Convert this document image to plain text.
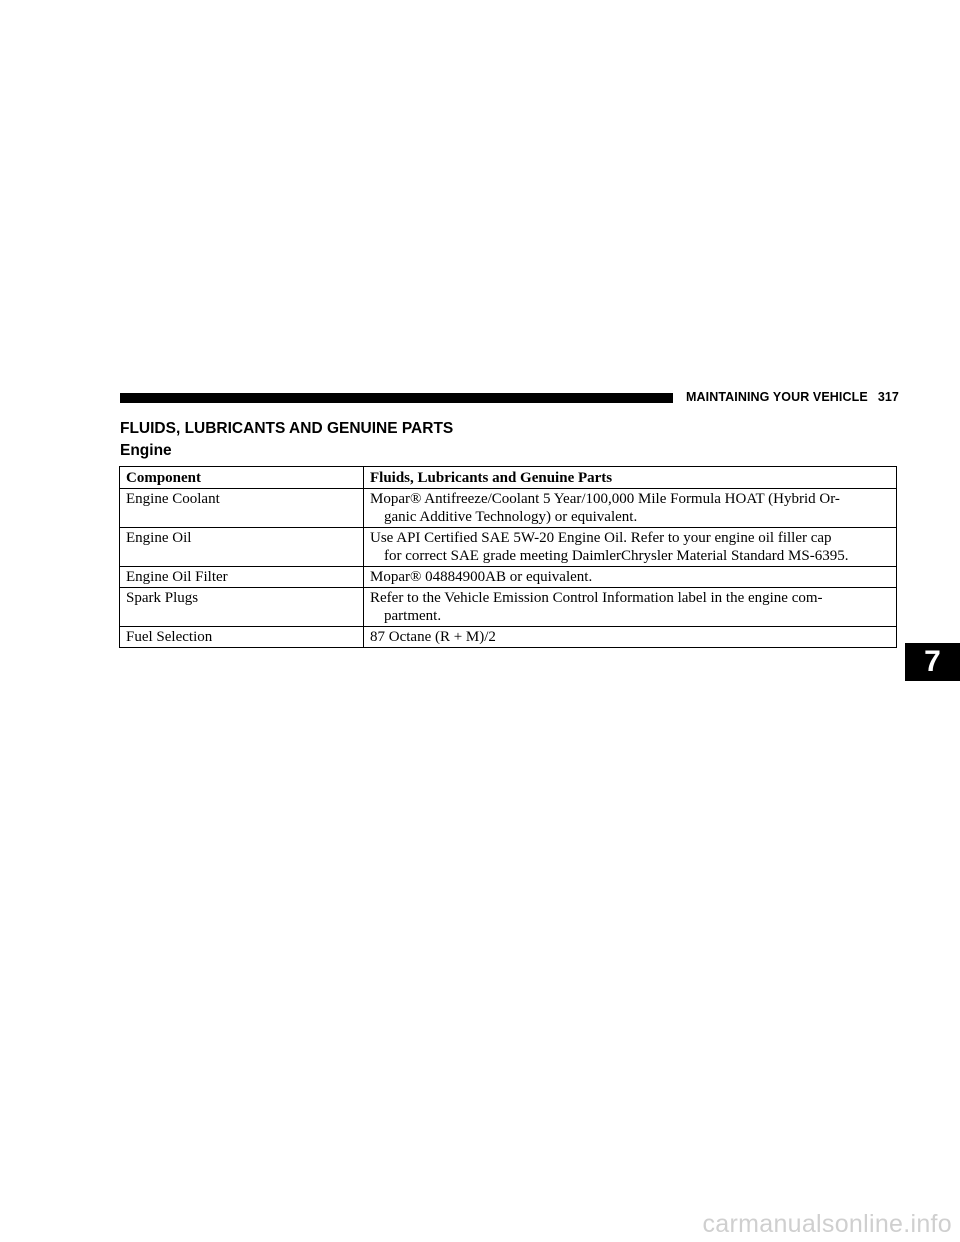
MAINTAINING YOUR VEHICLE 317
FLUIDS, LUBRICANTS AND GENUINE PARTS
Engine
Component	Fluids, Lubricants and Genuine Parts
Engine Coolant	Mopar® Antifreeze/Coolant 5 Year/100,000 Mile Formula HOAT (Hybrid Or-
ganic Additive Technology) or equivalent.

Engine Oil	Use API Certified SAE 5W-20 Engine Oil. Refer to your engine oil filler cap
for correct SAE grade meeting DaimlerChrysler Material Standard MS-6395.

Engine Oil Filter	Mopar® 04884900AB or equivalent.

Spark Plugs	Refer to the Vehicle Emission Control Information label in the engine com-
partment.

Fuel Selection	87 Octane (R + M)/2
7
carmanualsonline.info
